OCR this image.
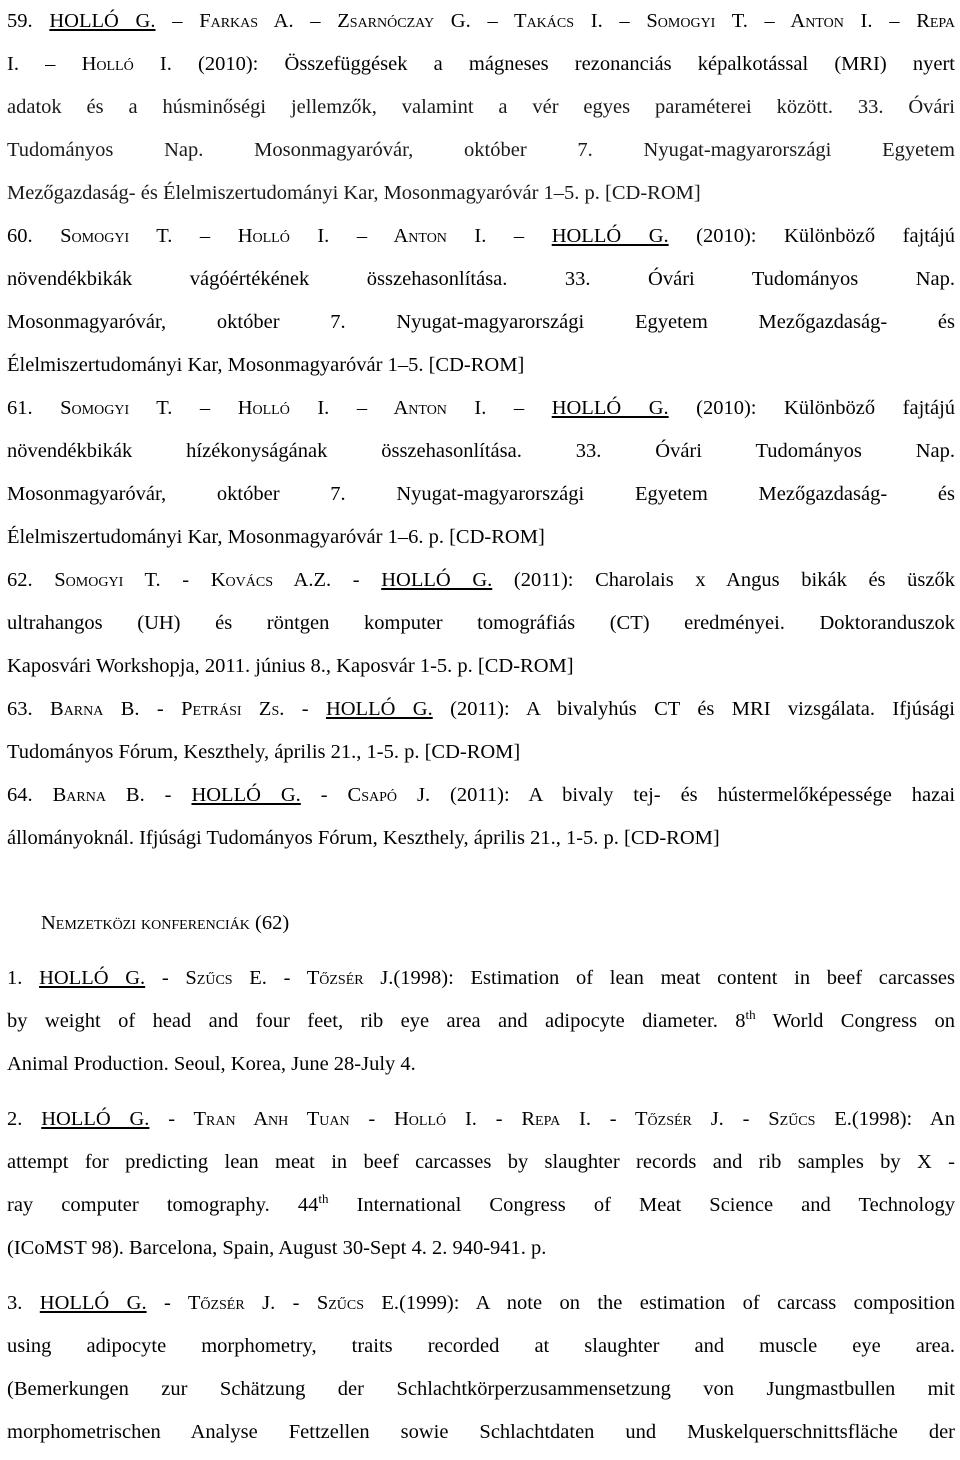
59. HOLLÓ G. – Farkas A. – Zsarnóczay G. – Takács I. – Somogyi T. – Anton I. – Repa
I. – Holló I. (2010): Összefüggések a mágneses rezonanciás képalkotással (MRI) nyert
adatok és a húsminőségi jellemzők, valamint a vér egyes paraméterei között. 33. Óvári
Tudományos Nap. Mosonmagyaróvár, október 7. Nyugat-magyarországi Egyetem
Mezőgazdaság- és Élelmiszertudományi Kar, Mosonmagyaróvár 1–5. p. [CD-ROM]
60. Somogyi T. – Holló I. – Anton I. – HOLLÓ G. (2010): Különböző fajtájú
növendékbikák vágóértékének összehasonlítása. 33. Óvári Tudományos Nap.
Mosonmagyaróvár, október 7. Nyugat-magyarországi Egyetem Mezőgazdaság- és
Élelmiszertudományi Kar, Mosonmagyaróvár 1–5. [CD-ROM]
61. Somogyi T. – Holló I. – Anton I. – HOLLÓ G. (2010): Különböző fajtájú
növendékbikák hízékonyságának összehasonlítása. 33. Óvári Tudományos Nap.
Mosonmagyaróvár, október 7. Nyugat-magyarországi Egyetem Mezőgazdaság- és
Élelmiszertudományi Kar, Mosonmagyaróvár 1–6. p. [CD-ROM]
62. Somogyi T. - Kovács A.Z. - HOLLÓ G. (2011): Charolais x Angus bikák és üszők
ultrahangos (UH) és röntgen komputer tomográfiás (CT) eredményei. Doktoranduszok
Kaposvári Workshopja, 2011. június 8., Kaposvár 1-5. p. [CD-ROM]
63. Barna B. - Petrási Zs. - HOLLÓ G. (2011): A bivalyhús CT és MRI vizsgálata. Ifjúsági
Tudományos Fórum, Keszthely, április 21., 1-5. p. [CD-ROM]
64. Barna B. - HOLLÓ G. - Csapó J. (2011): A bivaly tej- és hústermelőképessége hazai
állományoknál. Ifjúsági Tudományos Fórum, Keszthely, április 21., 1-5. p. [CD-ROM]
Nemzetközi konferenciák (62)
1. HOLLÓ G. - Szűcs E. - Tőzsér J.(1998): Estimation of lean meat content in beef carcasses
by weight of head and four feet, rib eye area and adipocyte diameter. 8th World Congress on
Animal Production. Seoul, Korea, June 28-July 4.
2. HOLLÓ G. - Tran Anh Tuan - Holló I. - Repa I. - Tőzsér J. - Szűcs E.(1998): An
attempt for predicting lean meat in beef carcasses by slaughter records and rib samples by X -
ray computer tomography. 44th International Congress of Meat Science and Technology
(ICoMST 98). Barcelona, Spain, August 30-Sept 4. 2. 940-941. p.
3. HOLLÓ G. - Tőzsér J. - Szűcs E.(1999): A note on the estimation of carcass composition
using adipocyte morphometry, traits recorded at slaughter and muscle eye area.
(Bemerkungen zur Schätzung der Schlachtkörperzusammensetzung von Jungmastbullen mit
morphometrischen Analyse Fettzellen sowie Schlachtdaten und Muskelquerschnittsfläche der
